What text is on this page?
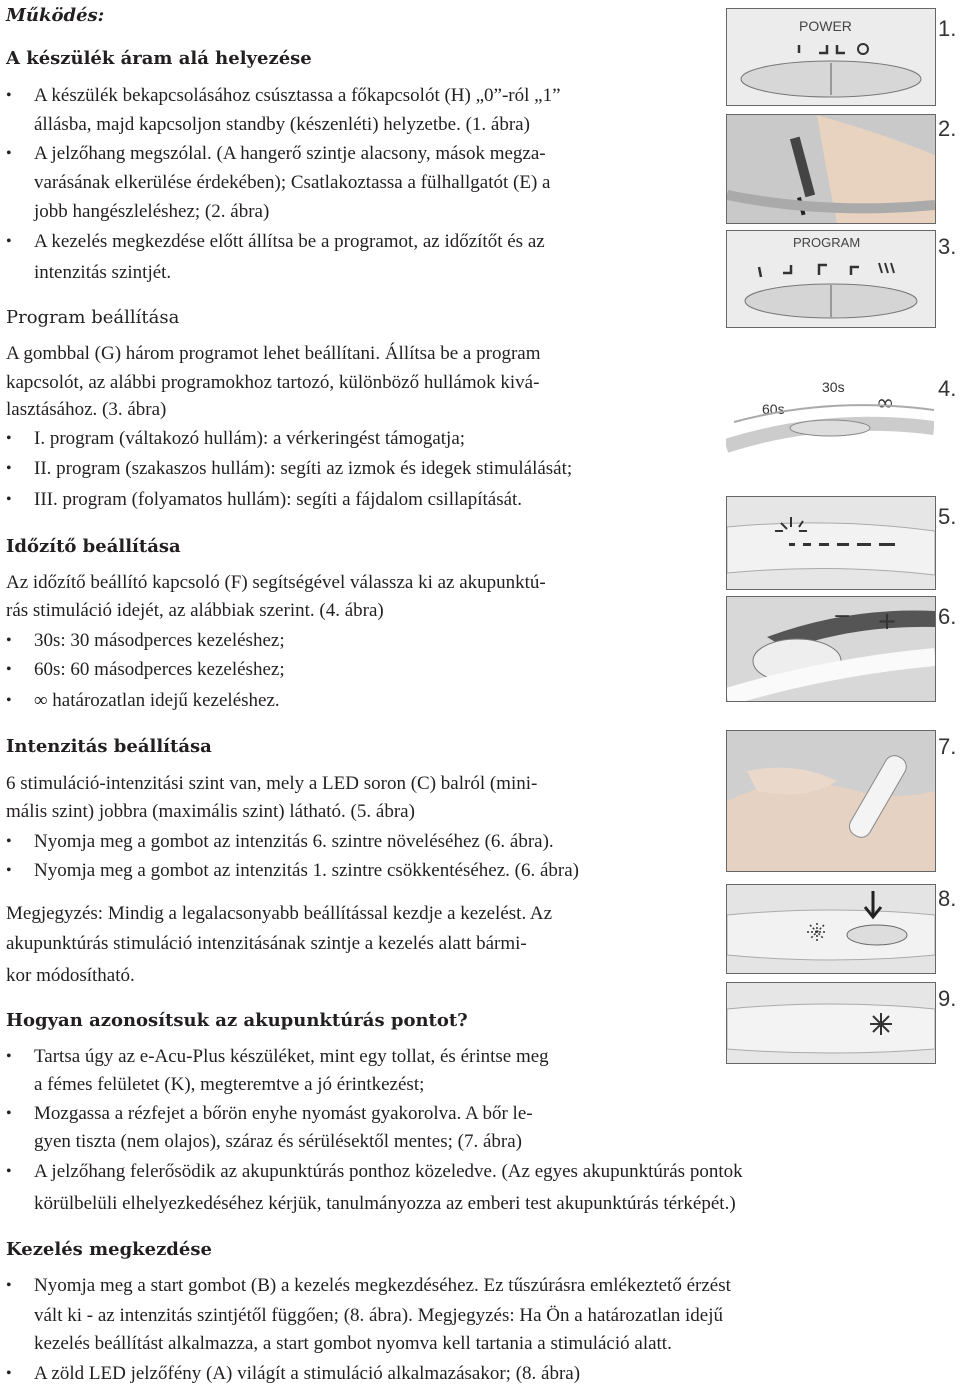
Működés:
A készülék áram alá helyezése
• A készülék bekapcsolásához csúsztassa a főkapcsolót (H) „0”-ról „1”
állásba, majd kapcsoljon standby (készenléti) helyzetbe. (1. ábra)
• A jelzőhang megszólal. (A hangerő szintje alacsony, mások megza-
varásának elkerülése érdekében); Csatlakoztassa a fülhallgatót (E) a
jobb hangészleléshez; (2. ábra)
• A kezelés megkezdése előtt állítsa be a programot, az időzítőt és az
intenzitás szintjét.
Program beállítása
A gombbal (G) három programot lehet beállítani. Állítsa be a program
kapcsolót, az alábbi programokhoz tartozó, különböző hullámok kivá-
lasztásához. (3. ábra)
• I. program (váltakozó hullám): a vérkeringést támogatja;
• II. program (szakaszos hullám): segíti az izmok és idegek stimulálását;
• III. program (folyamatos hullám): segíti a fájdalom csillapítását.
Időzítő beállítása
Az időzítő beállító kapcsoló (F) segítségével válassza ki az akupunktú-
rás stimuláció idejét, az alábbiak szerint. (4. ábra)
• 30s: 30 másodperces kezeléshez;
• 60s: 60 másodperces kezeléshez;
• ∞ határozatlan idejű kezeléshez.
Intenzitás beállítása
6 stimuláció-intenzitási szint van, mely a LED soron (C) balról (mini-
mális szint) jobbra (maximális szint) látható. (5. ábra)
• Nyomja meg a gombot az intenzitás 6. szintre növeléséhez (6. ábra).
• Nyomja meg a gombot az intenzitás 1. szintre csökkentéséhez. (6. ábra)
Megjegyzés: Mindig a legalacsonyabb beállítással kezdje a kezelést. Az
akupunktúrás stimuláció intenzitásának szintje a kezelés alatt bármi-
kor módosítható.
Hogyan azonosítsuk az akupunktúrás pontot?
• Tartsa úgy az e-Acu-Plus készüléket, mint egy tollat, és érintse meg
a fémes felületet (K), megteremtve a jó érintkezést;
• Mozgassa a rézfejet a bőrön enyhe nyomást gyakorolva. A bőr le-
gyen tiszta (nem olajos), száraz és sérülésektől mentes; (7. ábra)
• A jelzőhang felerősödik az akupunktúrás ponthoz közeledve. (Az egyes akupunktúrás pontok
körülbelüli elhelyezkedéséhez kérjük, tanulmányozza az emberi test akupunktúrás térképét.)
Kezelés megkezdése
• Nyomja meg a start gombot (B) a kezelés megkezdéséhez. Ez tűszúrásra emlékeztető érzést
vált ki - az intenzitás szintjétől függően; (8. ábra). Megjegyzés: Ha Ön a határozatlan idejű
kezelés beállítást alkalmazza, a start gombot nyomva kell tartania a stimuláció alatt.
• A zöld LED jelzőfény (A) világít a stimuláció alkalmazásakor; (8. ábra)
POWER	1.
2.
PROGRAM	3.
30s
60s	∞
4.
5.
− + 6.
7.
8.
9.
